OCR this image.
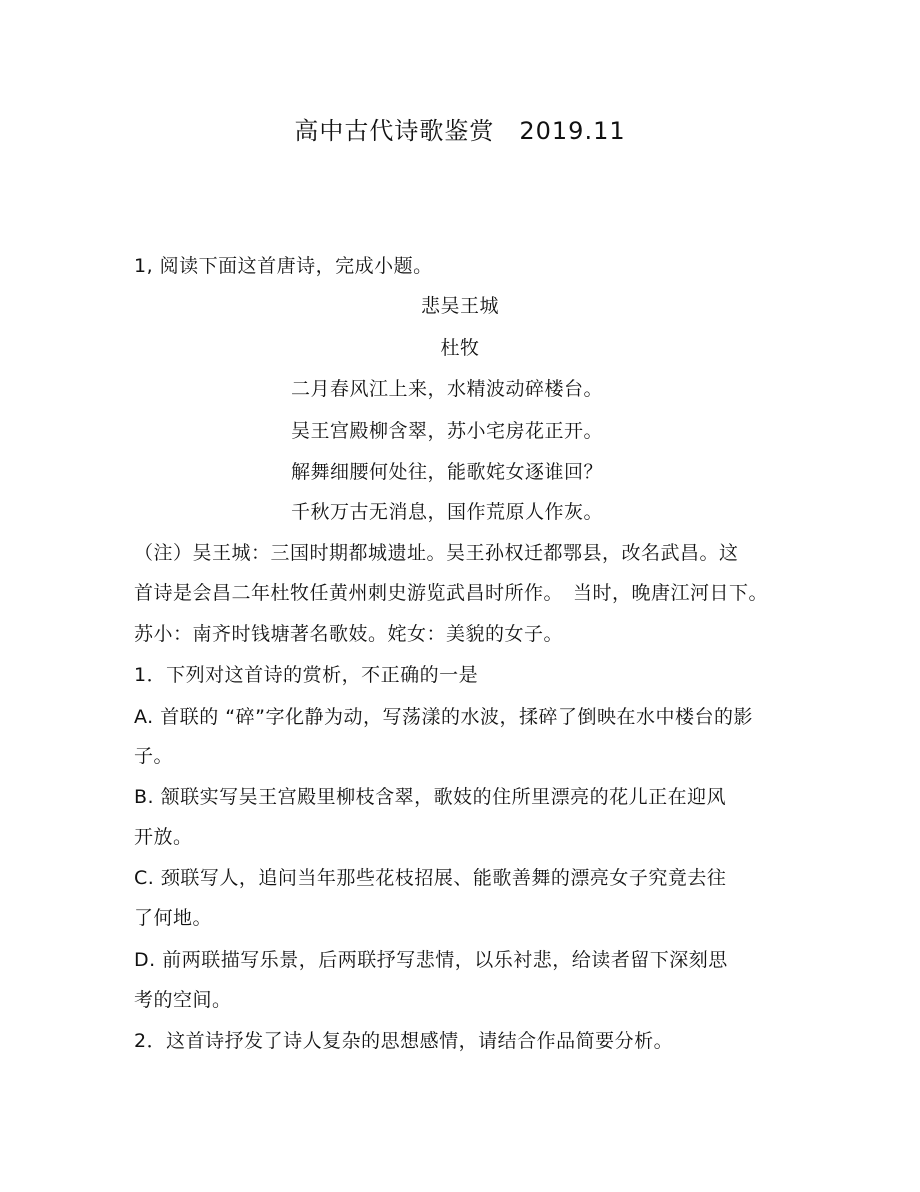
高中古代诗歌鉴赏　2019.11
1, 阅读下面这首唐诗，完成小题。
悲吴王城
杜牧
二月春风江上来，水精波动碎楼台。
吴王宫殿柳含翠，苏小宅房花正开。
解舞细腰何处往，能歌姹女逐谁回？
千秋万古无消息，国作荒原人作灰。
（注）吴王城：三国时期都城遗址。吴王孙权迁都鄂县，改名武昌。这
首诗是会昌二年杜牧任黄州刺史游览武昌时所作。　当时，晚唐江河日下。
苏小：南齐时钱塘著名歌妓。姹女：美貌的女子。
1．下列对这首诗的赏析，不正确的一是
A. 首联的 “碎”字化静为动，写荡漾的水波，揉碎了倒映在水中楼台的影
子。
B. 颔联实写吴王宫殿里柳枝含翠，歌妓的住所里漂亮的花儿正在迎风
开放。
C. 颈联写人，追问当年那些花枝招展、能歌善舞的漂亮女子究竟去往
了何地。
D. 前两联描写乐景，后两联抒写悲情，以乐衬悲，给读者留下深刻思
考的空间。
2．这首诗抒发了诗人复杂的思想感情，请结合作品简要分析。
